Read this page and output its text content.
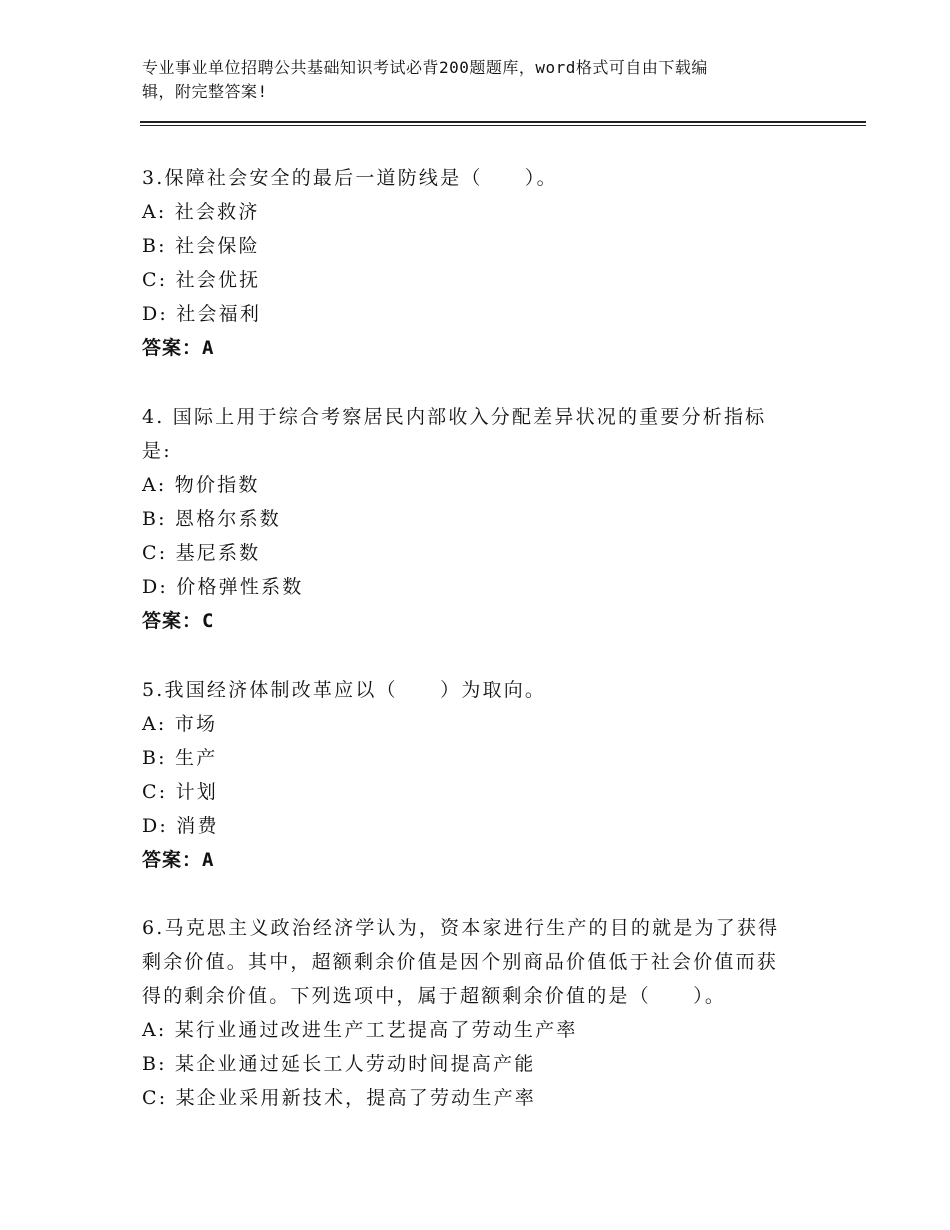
专业事业单位招聘公共基础知识考试必背200题题库，word格式可自由下载编
辑，附完整答案!
3.保障社会安全的最后一道防线是（　　）。
A: 社会救济
B: 社会保险
C: 社会优抚
D: 社会福利
答案：A
4. 国际上用于综合考察居民内部收入分配差异状况的重要分析指标
是:
A: 物价指数
B: 恩格尔系数
C: 基尼系数
D: 价格弹性系数
答案：C
5.我国经济体制改革应以（　　）为取向。
A: 市场
B: 生产
C: 计划
D: 消费
答案：A
6.马克思主义政治经济学认为，资本家进行生产的目的就是为了获得
剩余价值。其中，超额剩余价值是因个别商品价值低于社会价值而获
得的剩余价值。下列选项中，属于超额剩余价值的是（　　）。
A: 某行业通过改进生产工艺提高了劳动生产率
B: 某企业通过延长工人劳动时间提高产能
C: 某企业采用新技术，提高了劳动生产率
